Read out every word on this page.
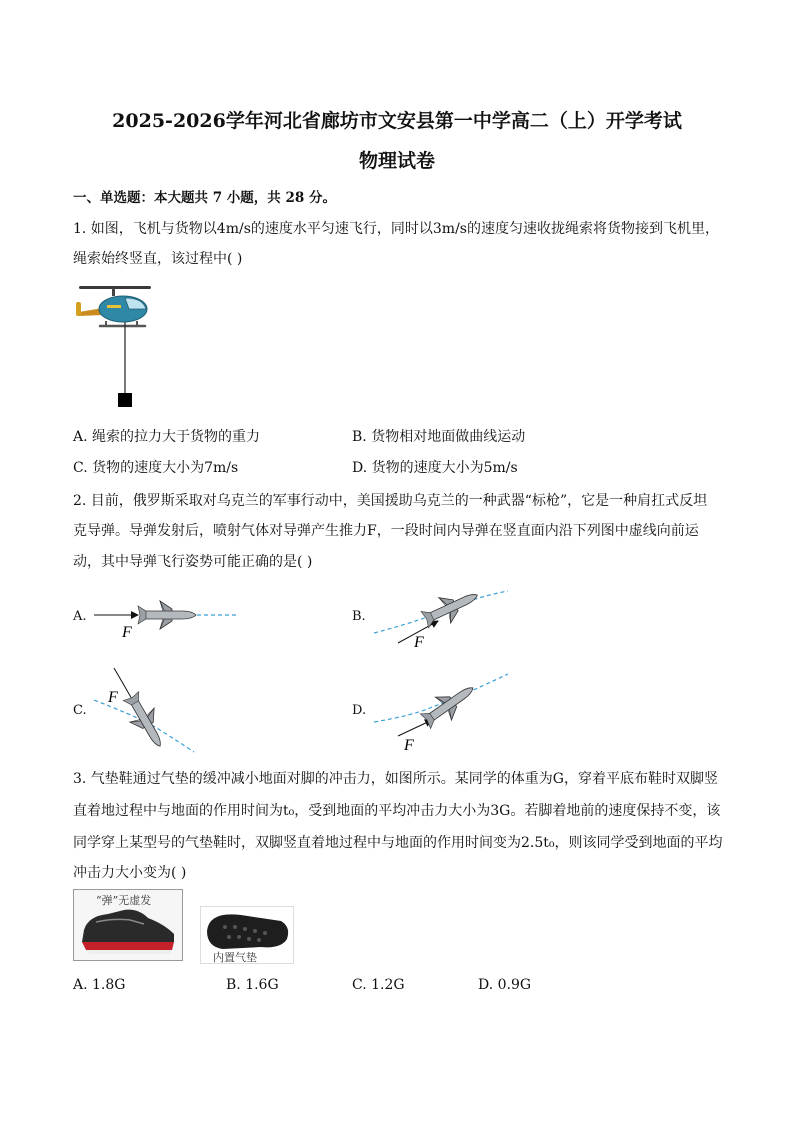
2025-2026学年河北省廊坊市文安县第一中学高二（上）开学考试
物理试卷
一、单选题：本大题共 7 小题，共 28 分。
1. 如图，飞机与货物以4m/s的速度水平匀速飞行，同时以3m/s的速度匀速收拢绳索将货物接到飞机里，
绳索始终竖直，该过程中( )
A. 绳索的拉力大于货物的重力	B. 货物相对地面做曲线运动
C. 货物的速度大小为7m/s	D. 货物的速度大小为5m/s
2. 目前，俄罗斯采取对乌克兰的军事行动中，美国援助乌克兰的一种武器“标枪”，它是一种肩扛式反坦
克导弹。导弹发射后，喷射气体对导弹产生推力F，一段时间内导弹在竖直面内沿下列图中虚线向前运
动，其中导弹飞行姿势可能正确的是( )
A.
F
B.
F
C.
F
D.
F
3. 气垫鞋通过气垫的缓冲减小地面对脚的冲击力，如图所示。某同学的体重为G，穿着平底布鞋时双脚竖
直着地过程中与地面的作用时间为t₀，受到地面的平均冲击力大小为3G。若脚着地前的速度保持不变，该
同学穿上某型号的气垫鞋时，双脚竖直着地过程中与地面的作用时间变为2.5t₀，则该同学受到地面的平均
冲击力大小变为( )
“弹”无虚发
内置气垫
A. 1.8G	B. 1.6G	C. 1.2G	D. 0.9G
